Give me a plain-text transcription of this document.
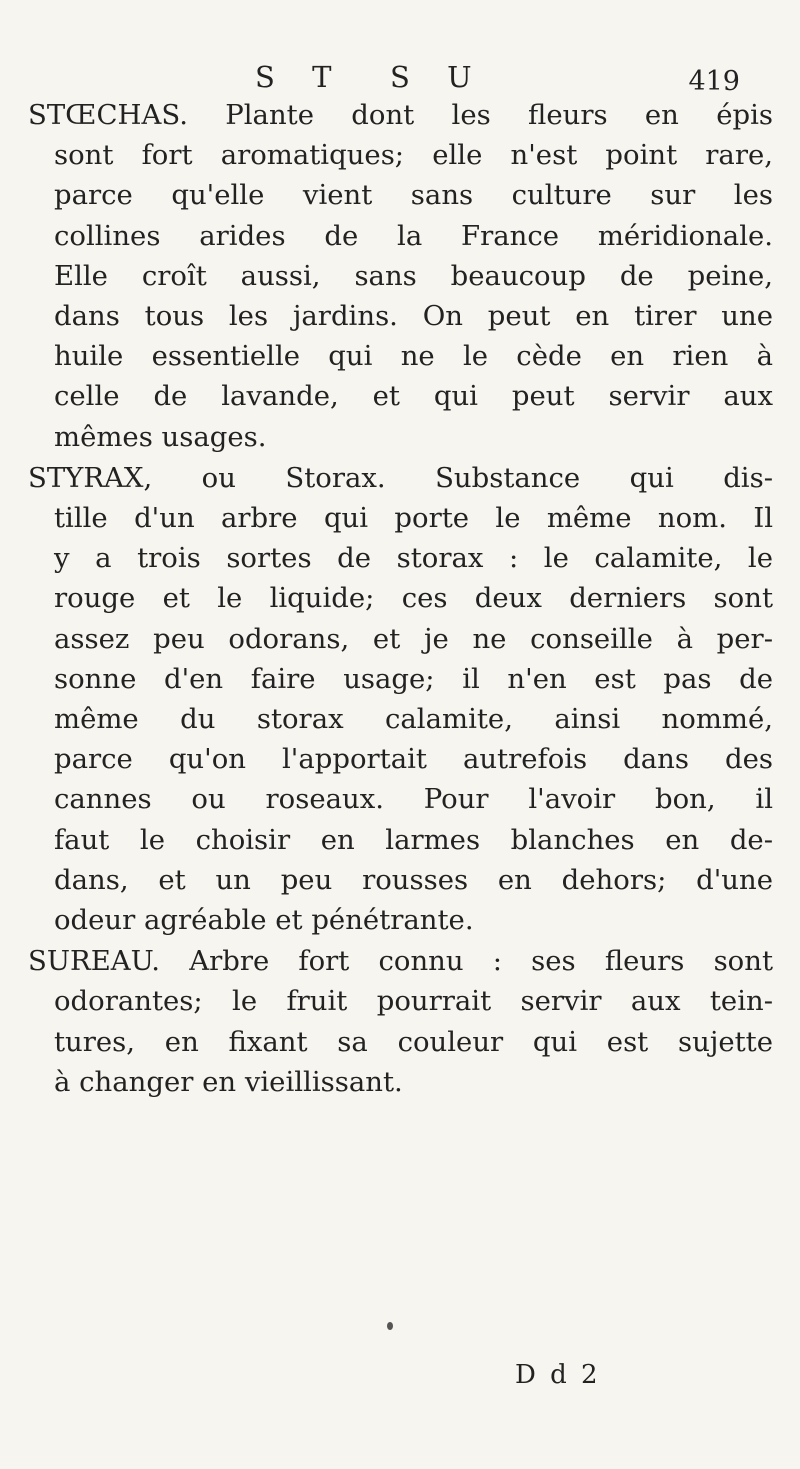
S T S U	419

STŒCHAS. Plante dont les fleurs en épis
sont fort aromatiques; elle n'est point rare,
parce qu'elle vient sans culture sur les
collines arides de la France méridionale.
Elle croît aussi, sans beaucoup de peine,
dans tous les jardins. On peut en tirer une
huile essentielle qui ne le cède en rien à
celle de lavande, et qui peut servir aux
mêmes usages.

STYRAX, ou Storax. Substance qui dis-
tille d'un arbre qui porte le même nom. Il
y a trois sortes de storax : le calamite, le
rouge et le liquide; ces deux derniers sont
assez peu odorans, et je ne conseille à per-
sonne d'en faire usage; il n'en est pas de
même du storax calamite, ainsi nommé,
parce qu'on l'apportait autrefois dans des
cannes ou roseaux. Pour l'avoir bon, il
faut le choisir en larmes blanches en de-
dans, et un peu rousses en dehors; d'une
odeur agréable et pénétrante.

SUREAU. Arbre fort connu : ses fleurs sont
odorantes; le fruit pourrait servir aux tein-
tures, en fixant sa couleur qui est sujette
à changer en vieillissant.

D d 2
